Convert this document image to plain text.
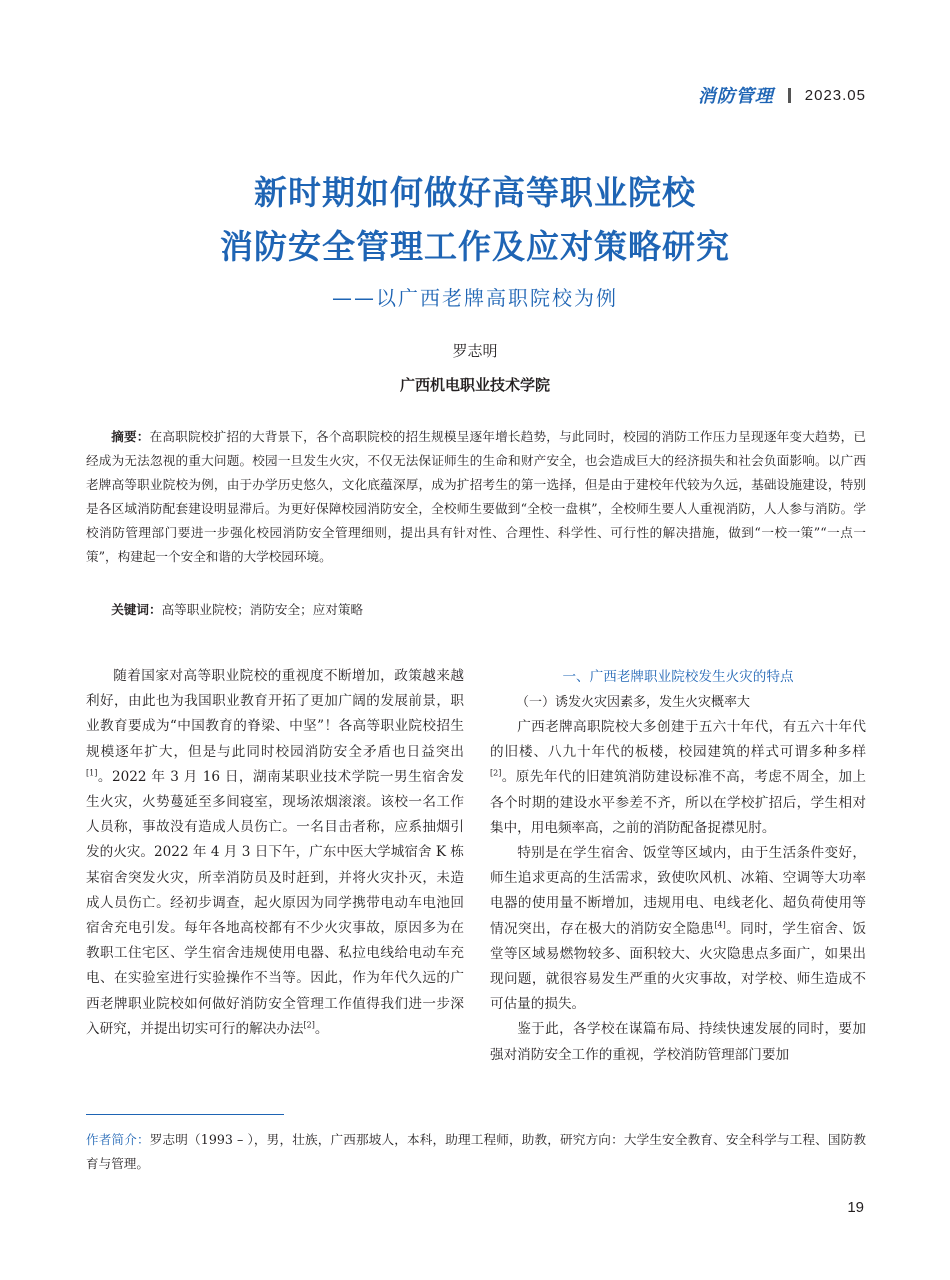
消防管理 2023.05
新时期如何做好高等职业院校
消防安全管理工作及应对策略研究
——以广西老牌高职院校为例
罗志明
广西机电职业技术学院
摘要：在高职院校扩招的大背景下，各个高职院校的招生规模呈逐年增长趋势，与此同时，校园的消防工作压力呈现逐年变大趋势，已经成为无法忽视的重大问题。校园一旦发生火灾，不仅无法保证师生的生命和财产安全，也会造成巨大的经济损失和社会负面影响。以广西老牌高等职业院校为例，由于办学历史悠久，文化底蕴深厚，成为扩招考生的第一选择，但是由于建校年代较为久远，基础设施建设，特别是各区域消防配套建设明显滞后。为更好保障校园消防安全，全校师生要做到“全校一盘棋”，全校师生要人人重视消防，人人参与消防。学校消防管理部门要进一步强化校园消防安全管理细则，提出具有针对性、合理性、科学性、可行性的解决措施，做到“一校一策”“一点一策”，构建起一个安全和谐的大学校园环境。
关键词：高等职业院校；消防安全；应对策略

随着国家对高等职业院校的重视度不断增加，政策越来越利好，由此也为我国职业教育开拓了更加广阔的发展前景，职业教育要成为“中国教育的脊梁、中坚”！各高等职业院校招生规模逐年扩大，但是与此同时校园消防安全矛盾也日益突出[1]。2022 年 3 月 16 日，湖南某职业技术学院一男生宿舍发生火灾，火势蔓延至多间寝室，现场浓烟滚滚。该校一名工作人员称，事故没有造成人员伤亡。一名目击者称，应系抽烟引发的火灾。2022 年 4 月 3 日下午，广东中医大学城宿舍 K 栋某宿舍突发火灾，所幸消防员及时赶到，并将火灾扑灭，未造成人员伤亡。经初步调查，起火原因为同学携带电动车电池回宿舍充电引发。每年各地高校都有不少火灾事故，原因多为在教职工住宅区、学生宿舍违规使用电器、私拉电线给电动车充电、在实验室进行实验操作不当等。因此，作为年代久远的广西老牌职业院校如何做好消防安全管理工作值得我们进一步深入研究，并提出切实可行的解决办法[2]。

一、广西老牌职业院校发生火灾的特点

（一）诱发火灾因素多，发生火灾概率大

广西老牌高职院校大多创建于五六十年代，有五六十年代的旧楼、八九十年代的板楼，校园建筑的样式可谓多种多样[2]。原先年代的旧建筑消防建设标准不高，考虑不周全，加上各个时期的建设水平参差不齐，所以在学校扩招后，学生相对集中，用电频率高，之前的消防配备捉襟见肘。

特别是在学生宿舍、饭堂等区域内，由于生活条件变好，师生追求更高的生活需求，致使吹风机、冰箱、空调等大功率电器的使用量不断增加，违规用电、电线老化、超负荷使用等情况突出，存在极大的消防安全隐患[4]。同时，学生宿舍、饭堂等区域易燃物较多、面积较大、火灾隐患点多面广，如果出现问题，就很容易发生严重的火灾事故，对学校、师生造成不可估量的损失。

鉴于此，各学校在谋篇布局、持续快速发展的同时，要加强对消防安全工作的重视，学校消防管理部门要加

作者简介：罗志明（1993 – ），男，壮族，广西那坡人，本科，助理工程师，助教，研究方向：大学生安全教育、安全科学与工程、国防教育与管理。
19
